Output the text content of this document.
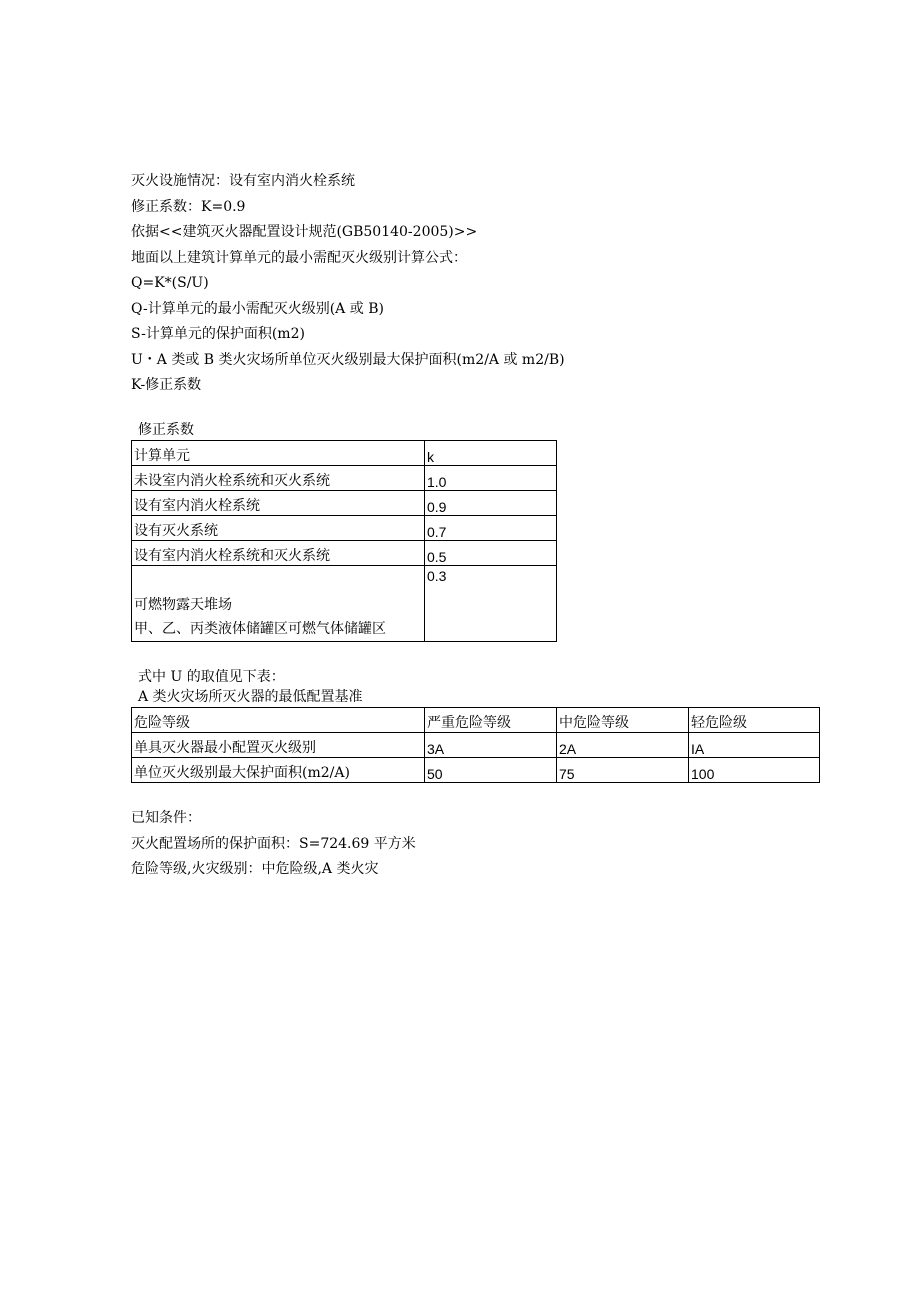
灭火设施情况：设有室内消火栓系统
修正系数：K=0.9
依据<<建筑灭火器配置设计规范(GB50140-2005)>>
地面以上建筑计算单元的最小需配灭火级别计算公式：
Q=K*(S/U)
Q-计算单元的最小需配灭火级别(A 或 B)
S-计算单元的保护面积(m2)
U・A 类或 B 类火灾场所单位灭火级别最大保护面积(m2/A 或 m2/B)
K-修正系数
修正系数
计算单元	k
未设室内消火栓系统和灭火系统	1.0
设有室内消火栓系统	0.9
设有灭火系统	0.7
设有室内消火栓系统和灭火系统	0.5

可燃物露天堆场
甲、乙、丙类液体储罐区可燃气体储罐区	0.3
式中 U 的取值见下表：
A 类火灾场所灭火器的最低配置基准
危险等级	严重危险等级	中危险等级	轻危险级
单具灭火器最小配置灭火级别	3A	2A	IA
单位灭火级别最大保护面积(m2/A)	50	75	100
已知条件：
灭火配置场所的保护面积：S=724.69 平方米
危险等级,火灾级别：中危险级,A 类火灾
